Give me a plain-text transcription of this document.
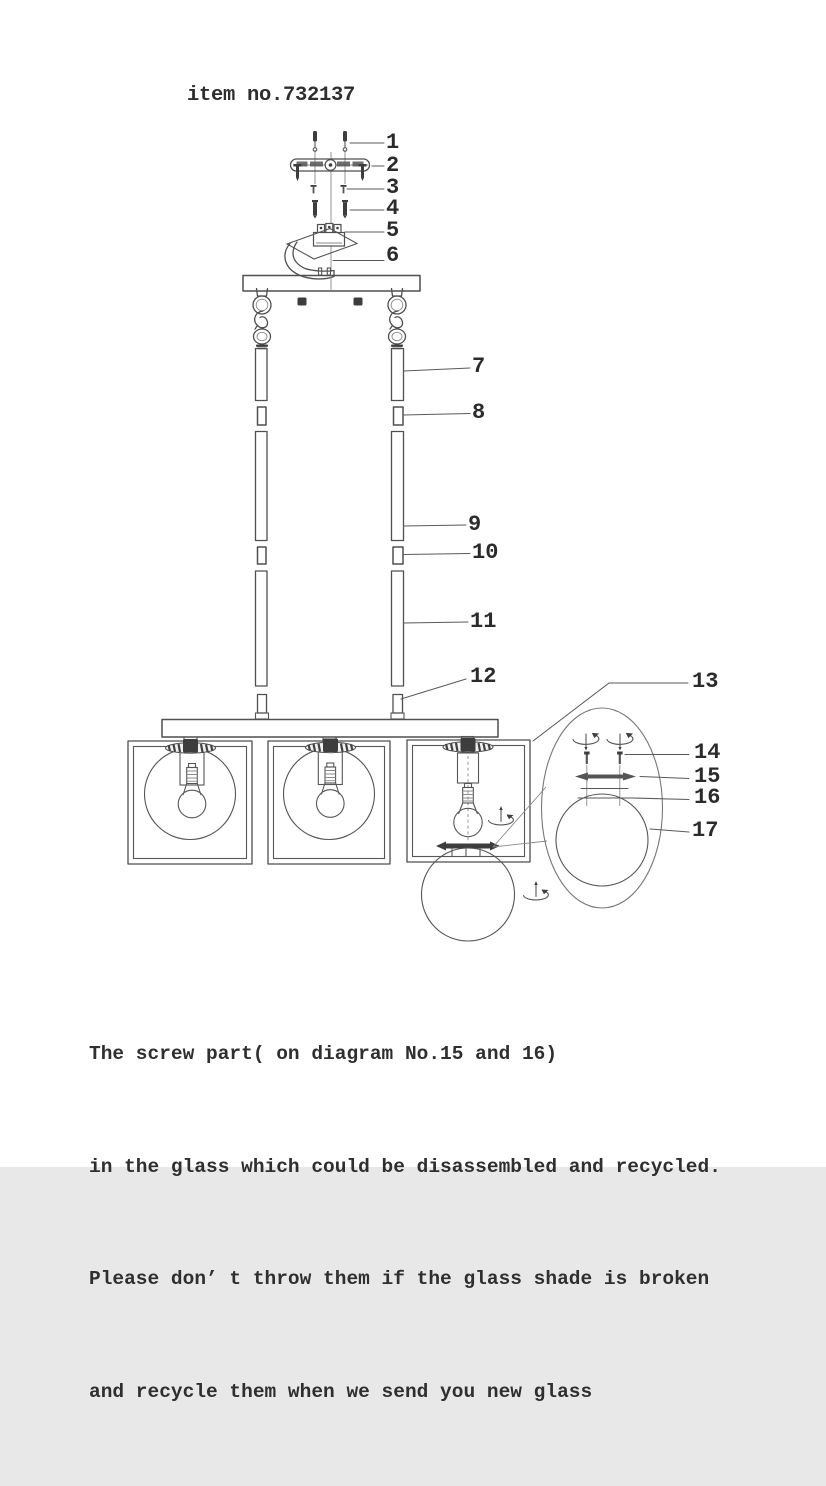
item no.732137
1
2
3
4
5
6
7
8
9
10
11
12	13
14
15
16
17

The screw part( on diagram No.15 and 16)

in the glass which could be disassembled and recycled.

Please don’ t throw them if the glass shade is broken

and recycle them when we send you new glass
